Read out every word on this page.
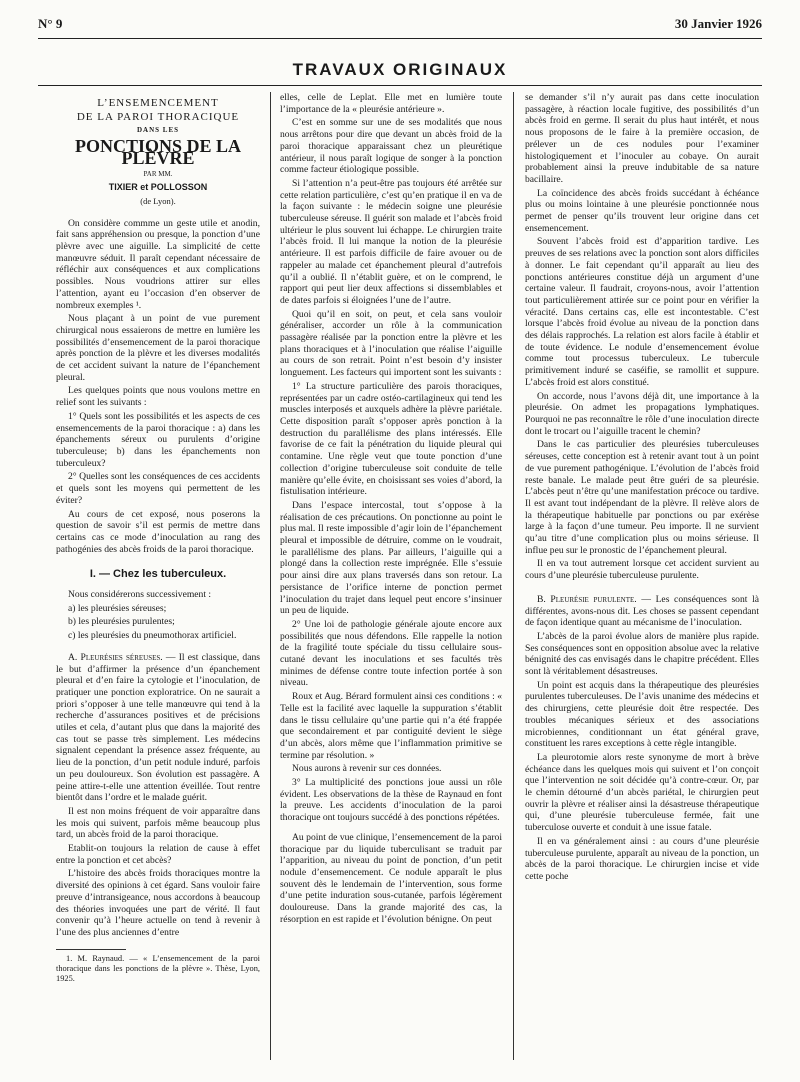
N° 9	30 Janvier 1926
TRAVAUX ORIGINAUX

L’ENSEMENCEMENT

DE LA PAROI THORACIQUE

DANS LES

PONCTIONS DE LA PLÈVRE

PAR MM.

TIXIER et POLLOSSON

(de Lyon).

On considère commme un geste utile et anodin, fait sans appréhension ou presque, la ponction d’une plèvre avec une aiguille. La simplicité de cette manœuvre séduit. Il paraît cependant nécessaire de réfléchir aux conséquences et aux complications possibles. Nous voudrions attirer sur elles l’attention, ayant eu l’occasion d’en observer de nombreux exemples ¹.

Nous plaçant à un point de vue purement chirurgical nous essaierons de mettre en lumière les possibilités d’ensemencement de la paroi thoracique après ponction de la plèvre et les diverses modalités de cet accident suivant la nature de l’épanchement pleural.

Les quelques points que nous voulons mettre en relief sont les suivants :

1° Quels sont les possibilités et les aspects de ces ensemencements de la paroi thoracique : a) dans les épanchements séreux ou purulents d’origine tuberculeuse; b) dans les épanchements non tuberculeux?

2° Quelles sont les conséquences de ces accidents et quels sont les moyens qui permettent de les éviter?

Au cours de cet exposé, nous poserons la question de savoir s’il est permis de mettre dans certains cas ce mode d’inoculation au rang des pathogénies des abcès froids de la paroi thoracique.

I. — Chez les tuberculeux.

Nous considérerons successivement :

a) les pleurésies séreuses;

b) les pleurésies purulentes;

c) les pleurésies du pneumothorax artificiel.

A. Pleurésies séreuses. — Il est classique, dans le but d’affirmer la présence d’un épanchement pleural et d’en faire la cytologie et l’inoculation, de pratiquer une ponction exploratrice. On ne saurait a priori s’opposer à une telle manœuvre qui tend à la recherche d’assurances positives et de précisions utiles et cela, d’autant plus que dans la majorité des cas tout se passe très simplement. Les médecins signalent cependant la présence assez fréquente, au lieu de la ponction, d’un petit nodule induré, parfois un peu douloureux. Son évolution est passagère. A peine attire-t-elle une attention éveillée. Tout rentre bientôt dans l’ordre et le malade guérit.

Il est non moins fréquent de voir apparaître dans les mois qui suivent, parfois même beaucoup plus tard, un abcès froid de la paroi thoracique.

Etablit-on toujours la relation de cause à effet entre la ponction et cet abcès?

L’histoire des abcès froids thoraciques montre la diversité des opinions à cet égard. Sans vouloir faire preuve d’intransigeance, nous accordons à beaucoup des théories invoquées une part de vérité. Il faut convenir qu’à l’heure actuelle on tend à revenir à l’une des plus anciennes d’entre

1. M. Raynaud. — « L’ensemencement de la paroi thoracique dans les ponctions de la plèvre ». Thèse, Lyon, 1925.

elles, celle de Leplat. Elle met en lumière toute l’importance de la « pleurésie antérieure ».

C’est en somme sur une de ses modalités que nous nous arrêtons pour dire que devant un abcès froid de la paroi thoracique apparaissant chez un pleurétique antérieur, il nous paraît logique de songer à la ponction comme facteur étiologique possible.

Si l’attention n’a peut-être pas toujours été arrêtée sur cette relation particulière, c’est qu’en pratique il en va de la façon suivante : le médecin soigne une pleurésie tuberculeuse séreuse. Il guérit son malade et l’abcès froid ultérieur le plus souvent lui échappe. Le chirurgien traite l’abcès froid. Il lui manque la notion de la pleurésie antérieure. Il est parfois difficile de faire avouer ou de rappeler au malade cet épanchement pleural d’autrefois qu’il a oublié. Il n’établit guère, et on le comprend, le rapport qui peut lier deux affections si dissemblables et de dates parfois si éloignées l’une de l’autre.

Quoi qu’il en soit, on peut, et cela sans vouloir généraliser, accorder un rôle à la communication passagère réalisée par la ponction entre la plèvre et les plans thoraciques et à l’inoculation que réalise l’aiguille au cours de son retrait. Point n’est besoin d’y insister longuement. Les facteurs qui importent sont les suivants :

1° La structure particulière des parois thoraciques, représentées par un cadre ostéo-cartilagineux qui tend les muscles interposés et auxquels adhère la plèvre pariétale. Cette disposition paraît s’opposer après ponction à la destruction du parallélisme des plans intéressés. Elle favorise de ce fait la pénétration du liquide pleural qui contamine. Une règle veut que toute ponction d’une collection d’origine tuberculeuse soit conduite de telle manière qu’elle évite, en choisissant ses voies d’abord, la fistulisation intérieure.

Dans l’espace intercostal, tout s’oppose à la réalisation de ces précautions. On ponctionne au point le plus mal. Il reste impossible d’agir loin de l’épanchement pleural et impossible de détruire, comme on le voudrait, le parallélisme des plans. Par ailleurs, l’aiguille qui a plongé dans la collection reste imprégnée. Elle s’essuie pour ainsi dire aux plans traversés dans son retour. La persistance de l’orifice interne de ponction permet l’inoculation du trajet dans lequel peut encore s’insinuer un peu de liquide.

2° Une loi de pathologie générale ajoute encore aux possibilités que nous défendons. Elle rappelle la notion de la fragilité toute spéciale du tissu cellulaire sous-cutané devant les inoculations et ses facultés très minimes de défense contre toute infection portée à son niveau.

Roux et Aug. Bérard formulent ainsi ces conditions : « Telle est la facilité avec laquelle la suppuration s’établit dans le tissu cellulaire qu’une partie qui n’a été frappée que secondairement et par contiguité devient le siège d’un abcès, alors même que l’inflammation primitive se termine par résolution. »

Nous aurons à revenir sur ces données.

3° La multiplicité des ponctions joue aussi un rôle évident. Les observations de la thèse de Raynaud en font la preuve. Les accidents d’inoculation de la paroi thoracique ont toujours succédé à des ponctions répétées.

Au point de vue clinique, l’ensemencement de la paroi thoracique par du liquide tuberculisant se traduit par l’apparition, au niveau du point de ponction, d’un petit nodule d’ensemencement. Ce nodule apparaît le plus souvent dès le lendemain de l’intervention, sous forme d’une petite induration sous-cutanée, parfois légèrement douloureuse. Dans la grande majorité des cas, la résorption en est rapide et l’évolution bénigne. On peut

se demander s’il n’y aurait pas dans cette inoculation passagère, à réaction locale fugitive, des possibilités d’un abcès froid en germe. Il serait du plus haut intérêt, et nous nous proposons de le faire à la première occasion, de prélever un de ces nodules pour l’examiner histologiquement et l’inoculer au cobaye. On aurait probablement ainsi la preuve indubitable de sa nature bacillaire.

La coïncidence des abcès froids succédant à échéance plus ou moins lointaine à une pleurésie ponctionnée nous permet de penser qu’ils trouvent leur origine dans cet ensemencement.

Souvent l’abcès froid est d’apparition tardive. Les preuves de ses relations avec la ponction sont alors difficiles à donner. Le fait cependant qu’il apparaît au lieu des ponctions antérieures constitue déjà un argument d’une certaine valeur. Il faudrait, croyons-nous, avoir l’attention tout particulièrement attirée sur ce point pour en vérifier la véracité. Dans certains cas, elle est incontestable. C’est lorsque l’abcès froid évolue au niveau de la ponction dans des délais rapprochés. La relation est alors facile à établir et de toute évidence. Le nodule d’ensemencement évolue comme tout processus tuberculeux. Le tubercule primitivement induré se caséifie, se ramollit et suppure. L’abcès froid est alors constitué.

On accorde, nous l’avons déjà dit, une importance à la pleurésie. On admet les propagations lymphatiques. Pourquoi ne pas reconnaître le rôle d’une inoculation directe dont le trocart ou l’aiguille tracent le chemin?

Dans le cas particulier des pleurésies tuberculeuses séreuses, cette conception est à retenir avant tout à un point de vue purement pathogénique. L’évolution de l’abcès froid reste banale. Le malade peut être guéri de sa pleurésie. L’abcès peut n’être qu’une manifestation précoce ou tardive. Il est avant tout indépendant de la plèvre. Il relève alors de la thérapeutique habituelle par ponctions ou par exérèse large à la façon d’une tumeur. Peu importe. Il ne survient qu’au titre d’une complication plus ou moins sérieuse. Il influe peu sur le pronostic de l’épanchement pleural.

Il en va tout autrement lorsque cet accident survient au cours d’une pleurésie tuberculeuse purulente.

B. Pleurésie purulente. — Les conséquences sont là différentes, avons-nous dit. Les choses se passent cependant de façon identique quant au mécanisme de l’inoculation.

L’abcès de la paroi évolue alors de manière plus rapide. Ses conséquences sont en opposition absolue avec la relative bénignité des cas envisagés dans le chapitre précédent. Elles sont là véritablement désastreuses.

Un point est acquis dans la thérapeutique des pleurésies purulentes tuberculeuses. De l’avis unanime des médecins et des chirurgiens, cette pleurésie doit être respectée. Des troubles mécaniques sérieux et des associations microbiennes, conditionnant un état général grave, constituent les rares exceptions à cette règle intangible.

La pleurotomie alors reste synonyme de mort à brève échéance dans les quelques mois qui suivent et l’on conçoit que l’intervention ne soit décidée qu’à contre-cœur. Or, par le chemin détourné d’un abcès pariétal, le chirurgien peut ouvrir la plèvre et réaliser ainsi la désastreuse thérapeutique qui, d’une pleurésie tuberculeuse fermée, fait une tuberculose ouverte et conduit à une issue fatale.

Il en va généralement ainsi : au cours d’une pleurésie tuberculeuse purulente, apparaît au niveau de la ponction, un abcès de la paroi thoracique. Le chirurgien incise et vide cette poche
